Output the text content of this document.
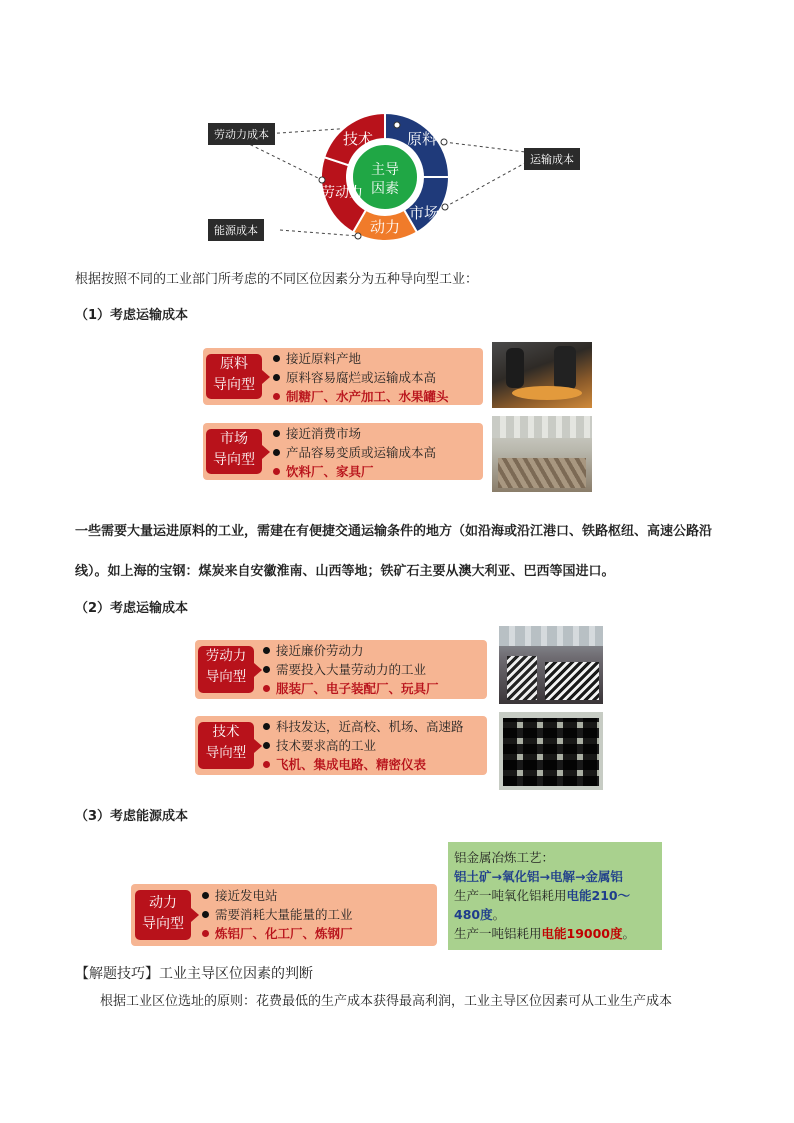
技术 原料
市场
动力
劳动力
主导
因素
劳动力成本
运输成本
能源成本
根据按照不同的工业部门所考虑的不同区位因素分为五种导向型工业：
（1）考虑运输成本
原料
导向型
接近原料产地
原料容易腐烂或运输成本高
制糖厂、水产加工、水果罐头
市场
导向型
接近消费市场
产品容易变质或运输成本高
饮料厂、家具厂
一些需要大量运进原料的工业，需建在有便捷交通运输条件的地方（如沿海或沿江港口、铁路枢纽、高速公路沿线）。如上海的宝钢：煤炭来自安徽淮南、山西等地；铁矿石主要从澳大利亚、巴西等国进口。
（2）考虑运输成本
劳动力
导向型
接近廉价劳动力
需要投入大量劳动力的工业
服装厂、电子装配厂、玩具厂
技术
导向型
科技发达，近高校、机场、高速路
技术要求高的工业
飞机、集成电路、精密仪表
（3）考虑能源成本
动力
导向型
接近发电站
需要消耗大量能量的工业
炼铝厂、化工厂、炼钢厂
铝金属冶炼工艺：
铝土矿→氧化铝→电解→金属铝
生产一吨氧化铝耗用电能210～480度。
生产一吨铝耗用电能19000度。
【解题技巧】工业主导区位因素的判断
根据工业区位选址的原则：花费最低的生产成本获得最高利润，工业主导区位因素可从工业生产成本
